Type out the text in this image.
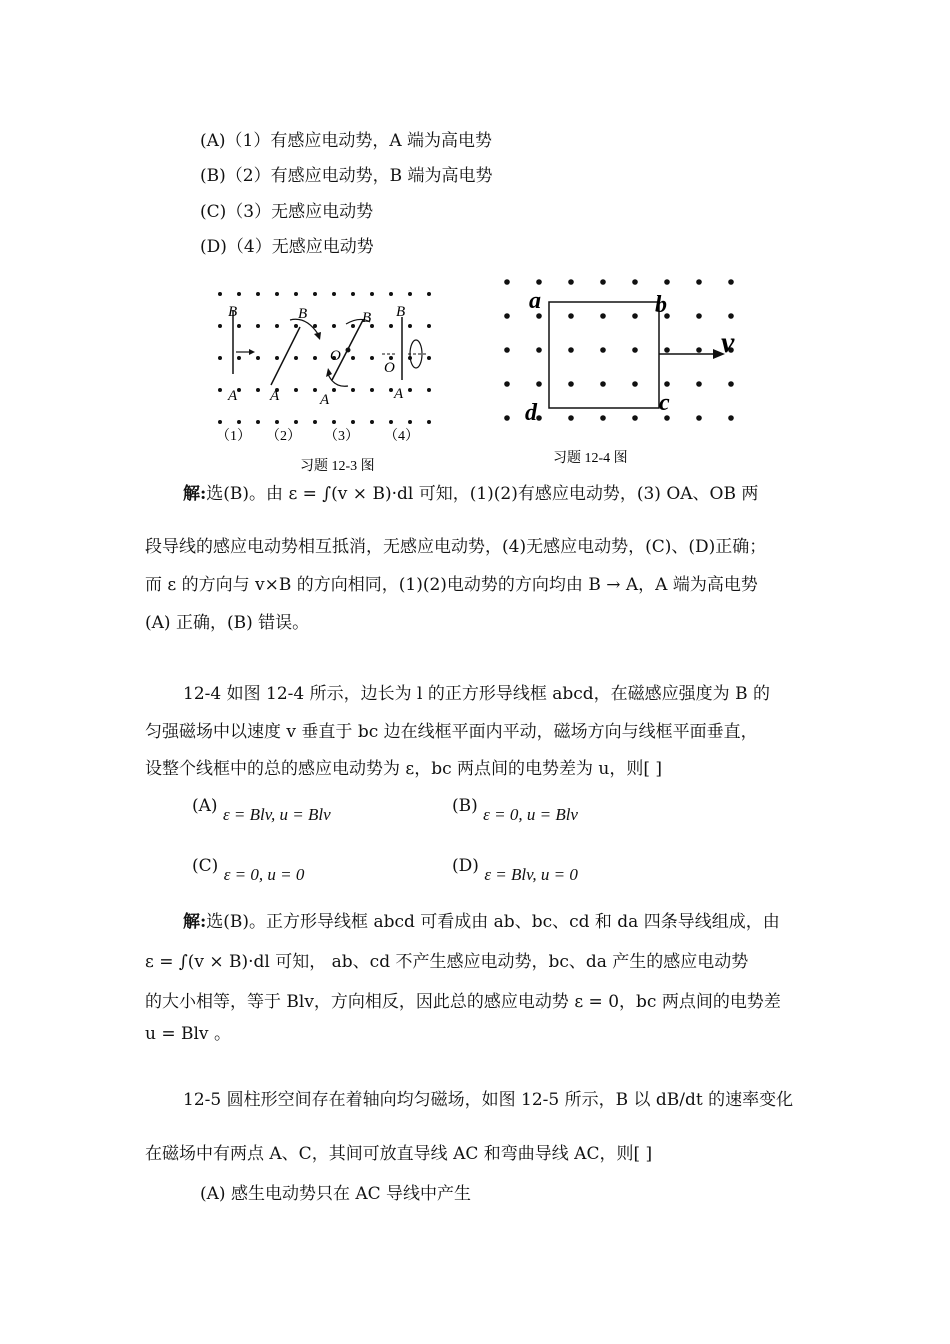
(A)（1）有感应电动势，A 端为高电势
(B)（2）有感应电动势，B 端为高电势
(C)（3）无感应电动势
(D)（4）无感应电动势
B
A
B
A
B
O
A
B
O
A
（1） （2） （3） （4）
习题 12-3 图
a	b
c
d
v
习题 12-4 图
解:选(B)。由 ε = ∫(v × B)·dl 可知，(1)(2)有感应电动势，(3) OA、OB 两
段导线的感应电动势相互抵消，无感应电动势，(4)无感应电动势，(C)、(D)正确；
而 ε 的方向与 v×B 的方向相同，(1)(2)电动势的方向均由 B → A，A 端为高电势
(A) 正确，(B) 错误。
12-4 如图 12-4 所示，边长为 l 的正方形导线框 abcd，在磁感应强度为 B 的
匀强磁场中以速度 v 垂直于 bc 边在线框平面内平动，磁场方向与线框平面垂直，
设整个线框中的总的感应电动势为 ε，bc 两点间的电势差为 u，则[ ]
(A) ε = Blv, u = Blv	(B) ε = 0, u = Blv
(C) ε = 0, u = 0	(D) ε = Blv, u = 0
解:选(B)。正方形导线框 abcd 可看成由 ab、bc、cd 和 da 四条导线组成，由
ε = ∫(v × B)·dl 可知， ab、cd 不产生感应电动势，bc、da 产生的感应电动势
的大小相等，等于 Blv，方向相反，因此总的感应电动势 ε = 0，bc 两点间的电势差
u = Blv 。
12-5 圆柱形空间存在着轴向均匀磁场，如图 12-5 所示，B 以 dB/dt 的速率变化
在磁场中有两点 A、C，其间可放直导线 AC 和弯曲导线 AC，则[ ]
(A) 感生电动势只在 AC 导线中产生
